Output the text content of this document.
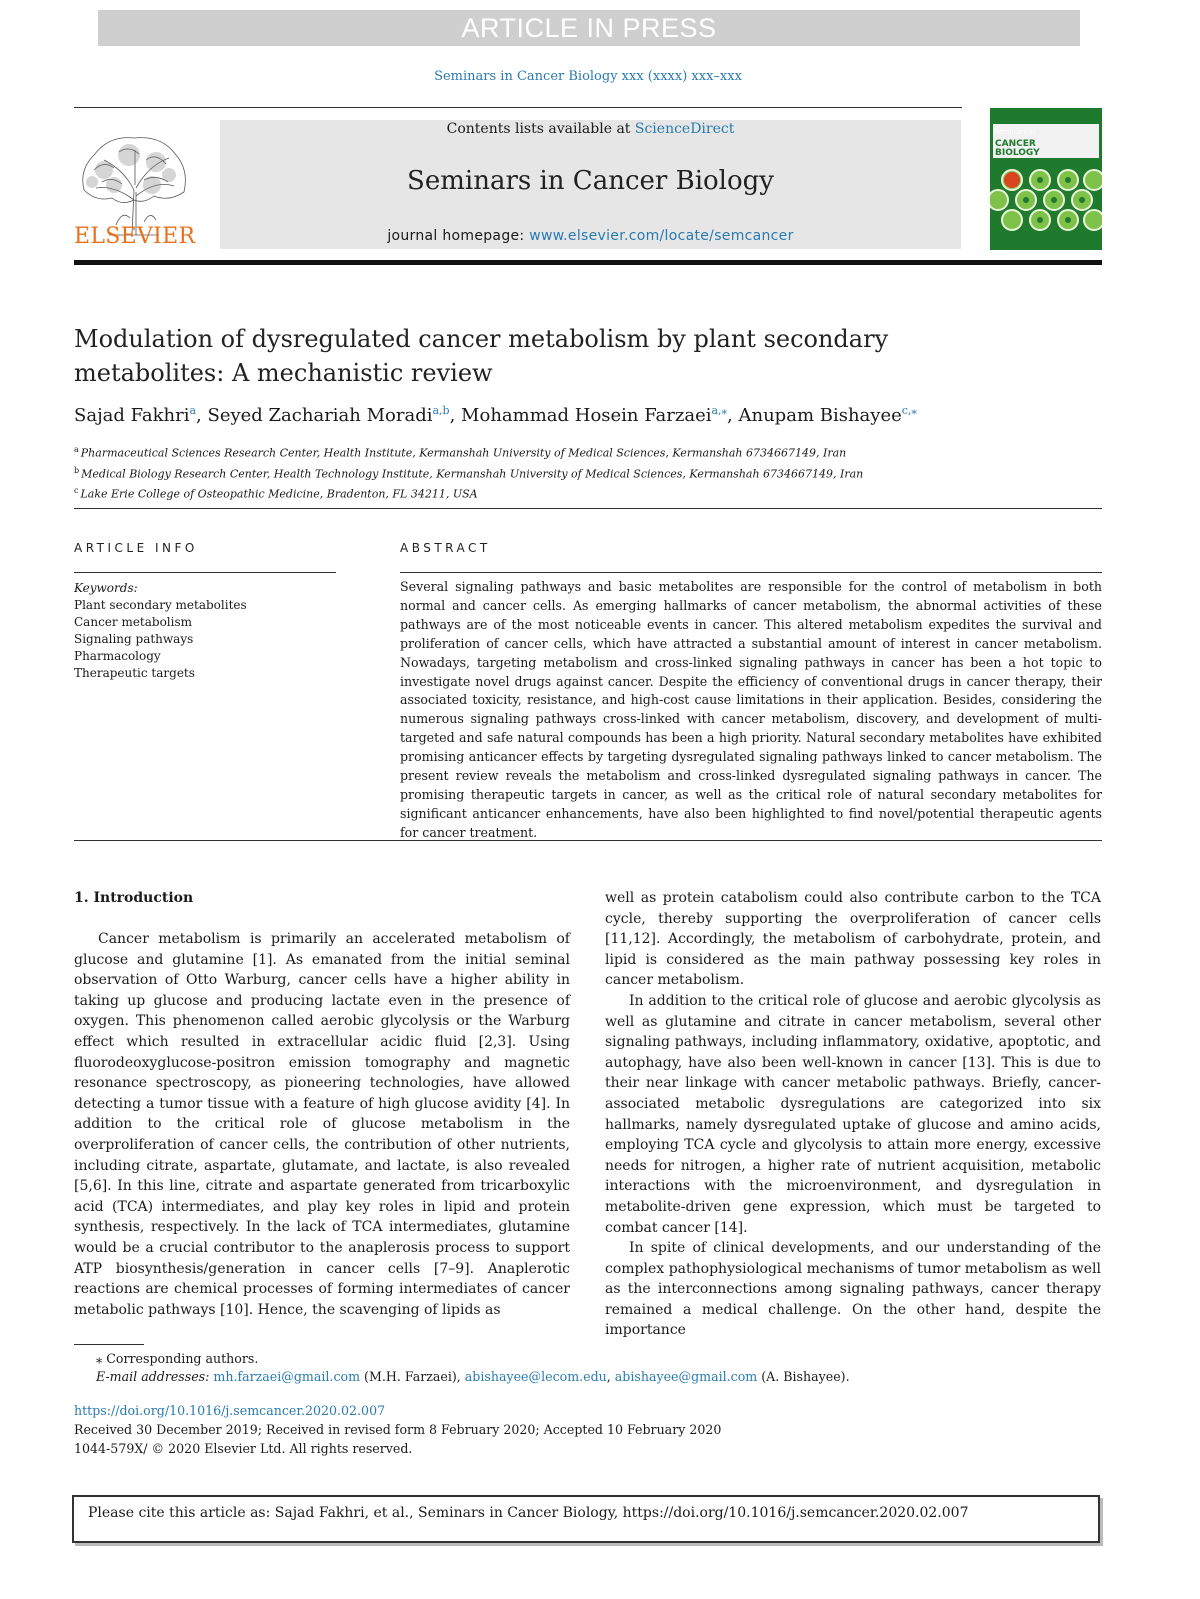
ARTICLE IN PRESS
Seminars in Cancer Biology xxx (xxxx) xxx–xxx
ELSEVIER
Contents lists available at ScienceDirect
Seminars in Cancer Biology
journal homepage: www.elsevier.com/locate/semcancer
Seminars in
CANCER
BIOLOGY
Modulation of dysregulated cancer metabolism by plant secondary metabolites: A mechanistic review
Sajad Fakhri$^a$, Seyed Zachariah Moradi$^{a,b}$, Mohammad Hosein Farzaei$^{a,⁎}$, Anupam Bishayee$^{c,⁎}$
$^a$ Pharmaceutical Sciences Research Center, Health Institute, Kermanshah University of Medical Sciences, Kermanshah 6734667149, Iran
$^b$ Medical Biology Research Center, Health Technology Institute, Kermanshah University of Medical Sciences, Kermanshah 6734667149, Iran
$^c$ Lake Erie College of Osteopathic Medicine, Bradenton, FL 34211, USA
ARTICLE INFO	ABSTRACT
Keywords:
Plant secondary metabolites
Cancer metabolism
Signaling pathways
Pharmacology
Therapeutic targets
Several signaling pathways and basic metabolites are responsible for the control of metabolism in both normal and cancer cells. As emerging hallmarks of cancer metabolism, the abnormal activities of these pathways are of the most noticeable events in cancer. This altered metabolism expedites the survival and proliferation of cancer cells, which have attracted a substantial amount of interest in cancer metabolism. Nowadays, targeting metabolism and cross-linked signaling pathways in cancer has been a hot topic to investigate novel drugs against cancer. Despite the efficiency of conventional drugs in cancer therapy, their associated toxicity, resistance, and high-cost cause limitations in their application. Besides, considering the numerous signaling pathways cross-linked with cancer metabolism, discovery, and development of multi-targeted and safe natural compounds has been a high priority. Natural secondary metabolites have exhibited promising anticancer effects by targeting dysregulated signaling pathways linked to cancer metabolism. The present review reveals the metabolism and cross-linked dysregulated signaling pathways in cancer. The promising therapeutic targets in cancer, as well as the critical role of natural secondary metabolites for significant anticancer enhancements, have also been highlighted to find novel/potential therapeutic agents for cancer treatment.
1. Introduction

Cancer metabolism is primarily an accelerated metabolism of glucose and glutamine [1]. As emanated from the initial seminal observation of Otto Warburg, cancer cells have a higher ability in taking up glucose and producing lactate even in the presence of oxygen. This phenomenon called aerobic glycolysis or the Warburg effect which resulted in extracellular acidic fluid [2,3]. Using fluorodeoxyglucose-positron emission tomography and magnetic resonance spectroscopy, as pioneering technologies, have allowed detecting a tumor tissue with a feature of high glucose avidity [4]. In addition to the critical role of glucose metabolism in the overproliferation of cancer cells, the contribution of other nutrients, including citrate, aspartate, glutamate, and lactate, is also revealed [5,6]. In this line, citrate and aspartate generated from tricarboxylic acid (TCA) intermediates, and play key roles in lipid and protein synthesis, respectively. In the lack of TCA intermediates, glutamine would be a crucial contributor to the anaplerosis process to support ATP biosynthesis/generation in cancer cells [7–9]. Anaplerotic reactions are chemical processes of forming intermediates of cancer metabolic pathways [10]. Hence, the scavenging of lipids as

well as protein catabolism could also contribute carbon to the TCA cycle, thereby supporting the overproliferation of cancer cells [11,12]. Accordingly, the metabolism of carbohydrate, protein, and lipid is considered as the main pathway possessing key roles in cancer metabolism.

In addition to the critical role of glucose and aerobic glycolysis as well as glutamine and citrate in cancer metabolism, several other signaling pathways, including inflammatory, oxidative, apoptotic, and autophagy, have also been well-known in cancer [13]. This is due to their near linkage with cancer metabolic pathways. Briefly, cancer-associated metabolic dysregulations are categorized into six hallmarks, namely dysregulated uptake of glucose and amino acids, employing TCA cycle and glycolysis to attain more energy, excessive needs for nitrogen, a higher rate of nutrient acquisition, metabolic interactions with the microenvironment, and dysregulation in metabolite-driven gene expression, which must be targeted to combat cancer [14].

In spite of clinical developments, and our understanding of the complex pathophysiological mechanisms of tumor metabolism as well as the interconnections among signaling pathways, cancer therapy remained a medical challenge. On the other hand, despite the importance

⁎ Corresponding authors.
E-mail addresses: mh.farzaei@gmail.com (M.H. Farzaei), abishayee@lecom.edu, abishayee@gmail.com (A. Bishayee).
https://doi.org/10.1016/j.semcancer.2020.02.007
Received 30 December 2019; Received in revised form 8 February 2020; Accepted 10 February 2020
1044-579X/ © 2020 Elsevier Ltd. All rights reserved.
Please cite this article as: Sajad Fakhri, et al., Seminars in Cancer Biology, https://doi.org/10.1016/j.semcancer.2020.02.007
